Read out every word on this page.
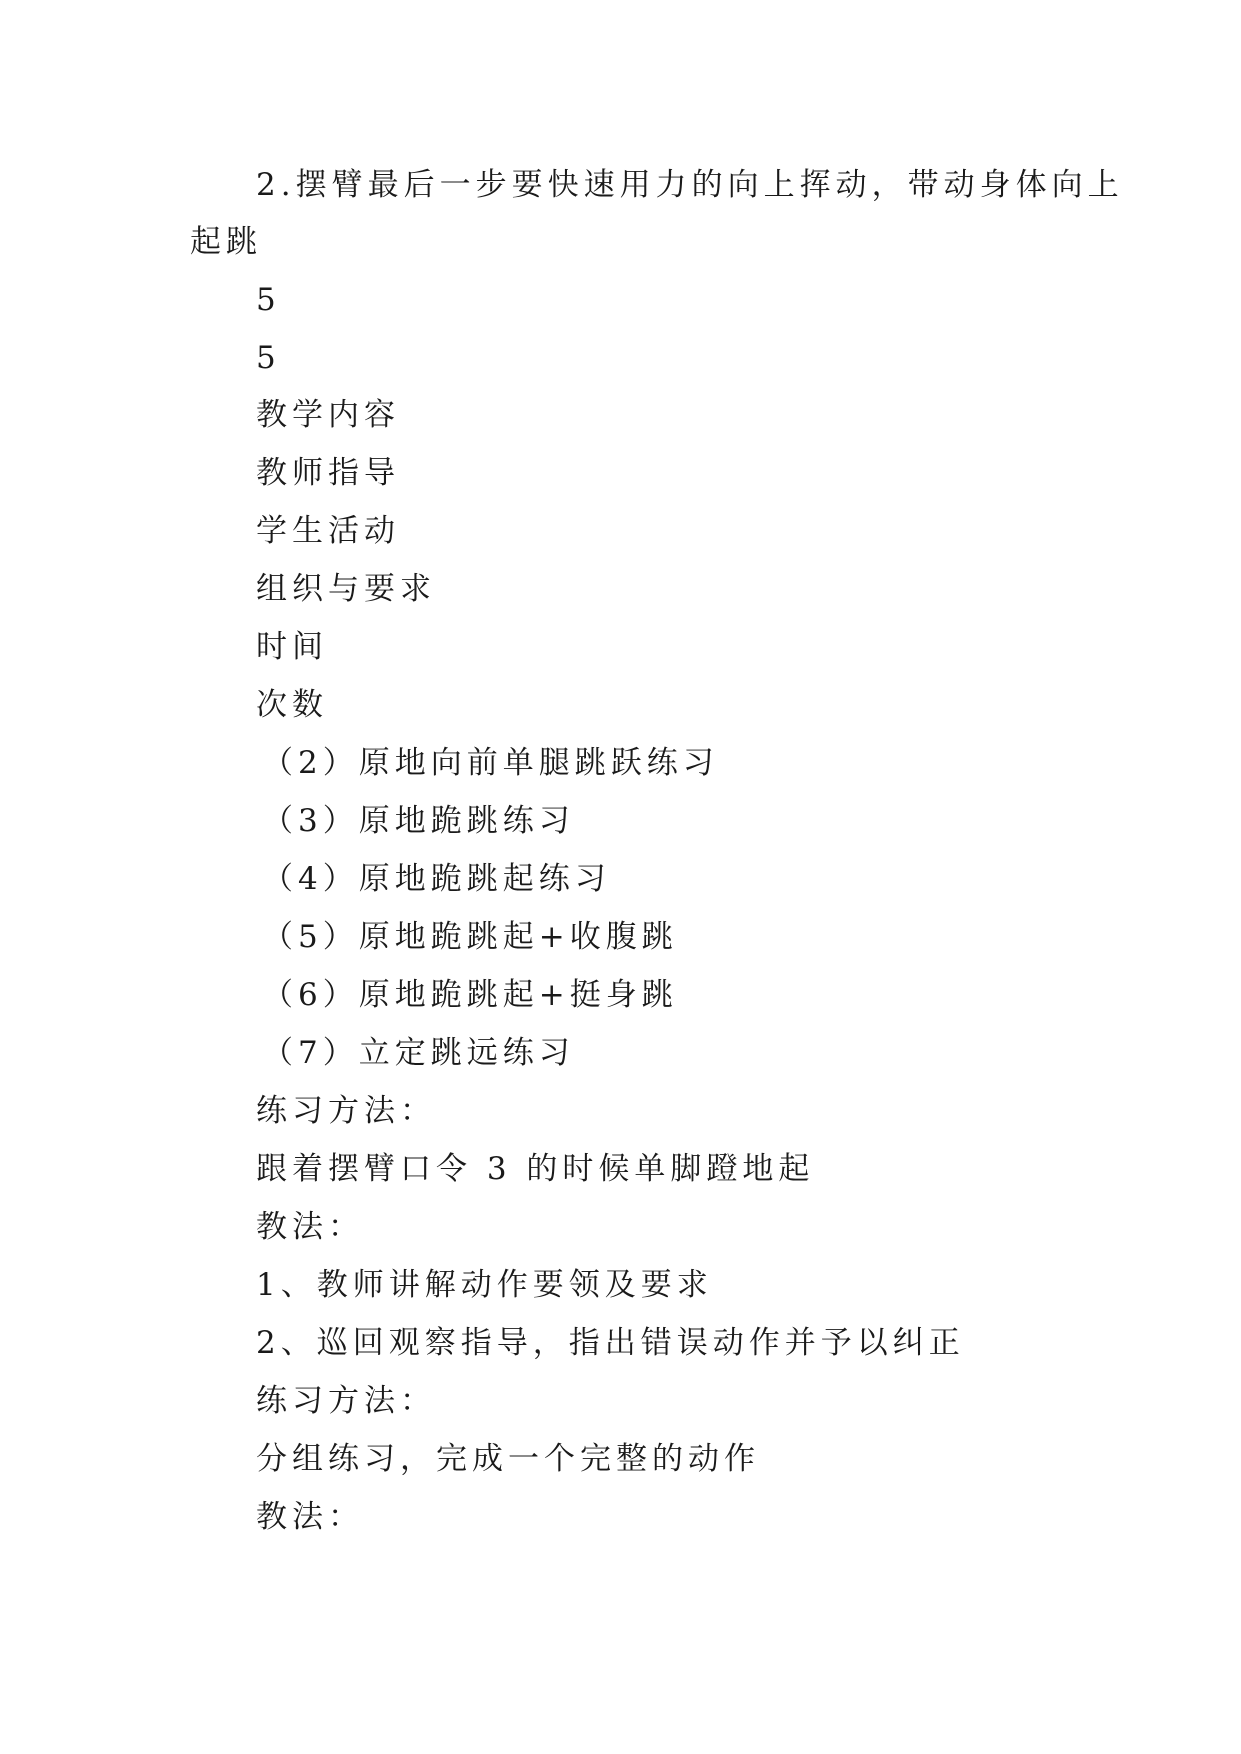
2.摆臂最后一步要快速用力的向上挥动，带动身体向上

起跳

5

5

教学内容

教师指导

学生活动

组织与要求

时间

次数

（2）原地向前单腿跳跃练习

（3）原地跪跳练习

（4）原地跪跳起练习

（5）原地跪跳起+收腹跳

（6）原地跪跳起+挺身跳

（7）立定跳远练习

练习方法：

跟着摆臂口令 3 的时候单脚蹬地起

教法：

1、教师讲解动作要领及要求

2、巡回观察指导，指出错误动作并予以纠正

练习方法：

分组练习，完成一个完整的动作

教法：
